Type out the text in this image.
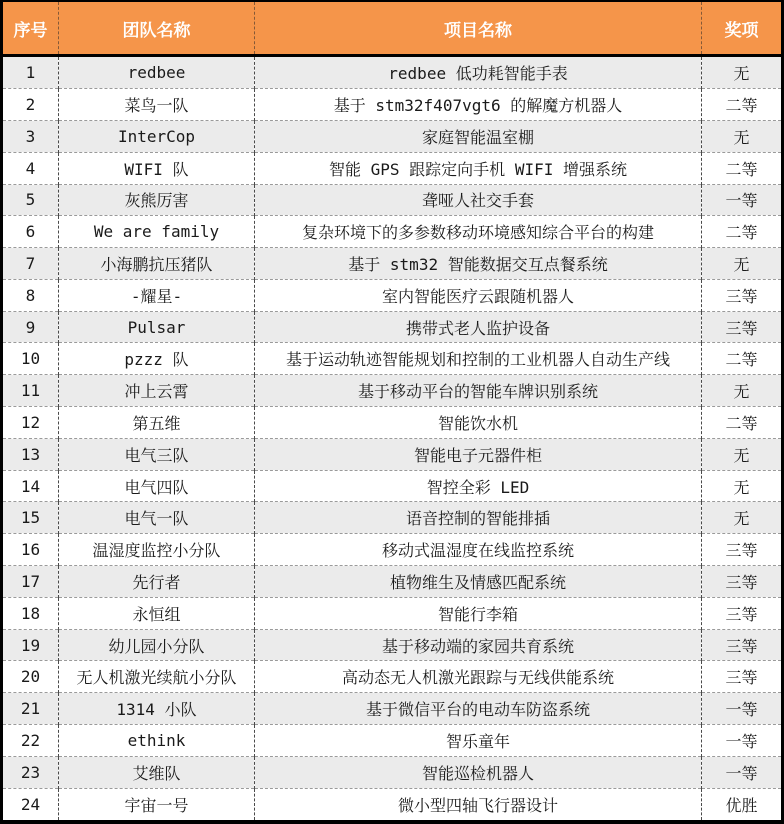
序号	团队名称	项目名称	奖项
1	redbee	redbee 低功耗智能手表	无
2	菜鸟一队	基于 stm32f407vgt6 的解魔方机器人	二等
3	InterCop	家庭智能温室棚	无
4	WIFI 队	智能 GPS 跟踪定向手机 WIFI 增强系统	二等
5	灰熊厉害	聋哑人社交手套	一等
6	We are family	复杂环境下的多参数移动环境感知综合平台的构建	二等
7	小海鹏抗压猪队	基于 stm32 智能数据交互点餐系统	无
8	-耀星-	室内智能医疗云跟随机器人	三等
9	Pulsar	携带式老人监护设备	三等
10	pzzz 队	基于运动轨迹智能规划和控制的工业机器人自动生产线	二等
11	冲上云霄	基于移动平台的智能车牌识别系统	无
12	第五维	智能饮水机	二等
13	电气三队	智能电子元器件柜	无
14	电气四队	智控全彩 LED	无
15	电气一队	语音控制的智能排插	无
16	温湿度监控小分队	移动式温湿度在线监控系统	三等
17	先行者	植物维生及情感匹配系统	三等
18	永恒组	智能行李箱	三等
19	幼儿园小分队	基于移动端的家园共育系统	三等
20	无人机激光续航小分队	高动态无人机激光跟踪与无线供能系统	三等
21	1314 小队	基于微信平台的电动车防盗系统	一等
22	ethink	智乐童年	一等
23	艾维队	智能巡检机器人	一等
24	宇宙一号	微小型四轴飞行器设计	优胜
